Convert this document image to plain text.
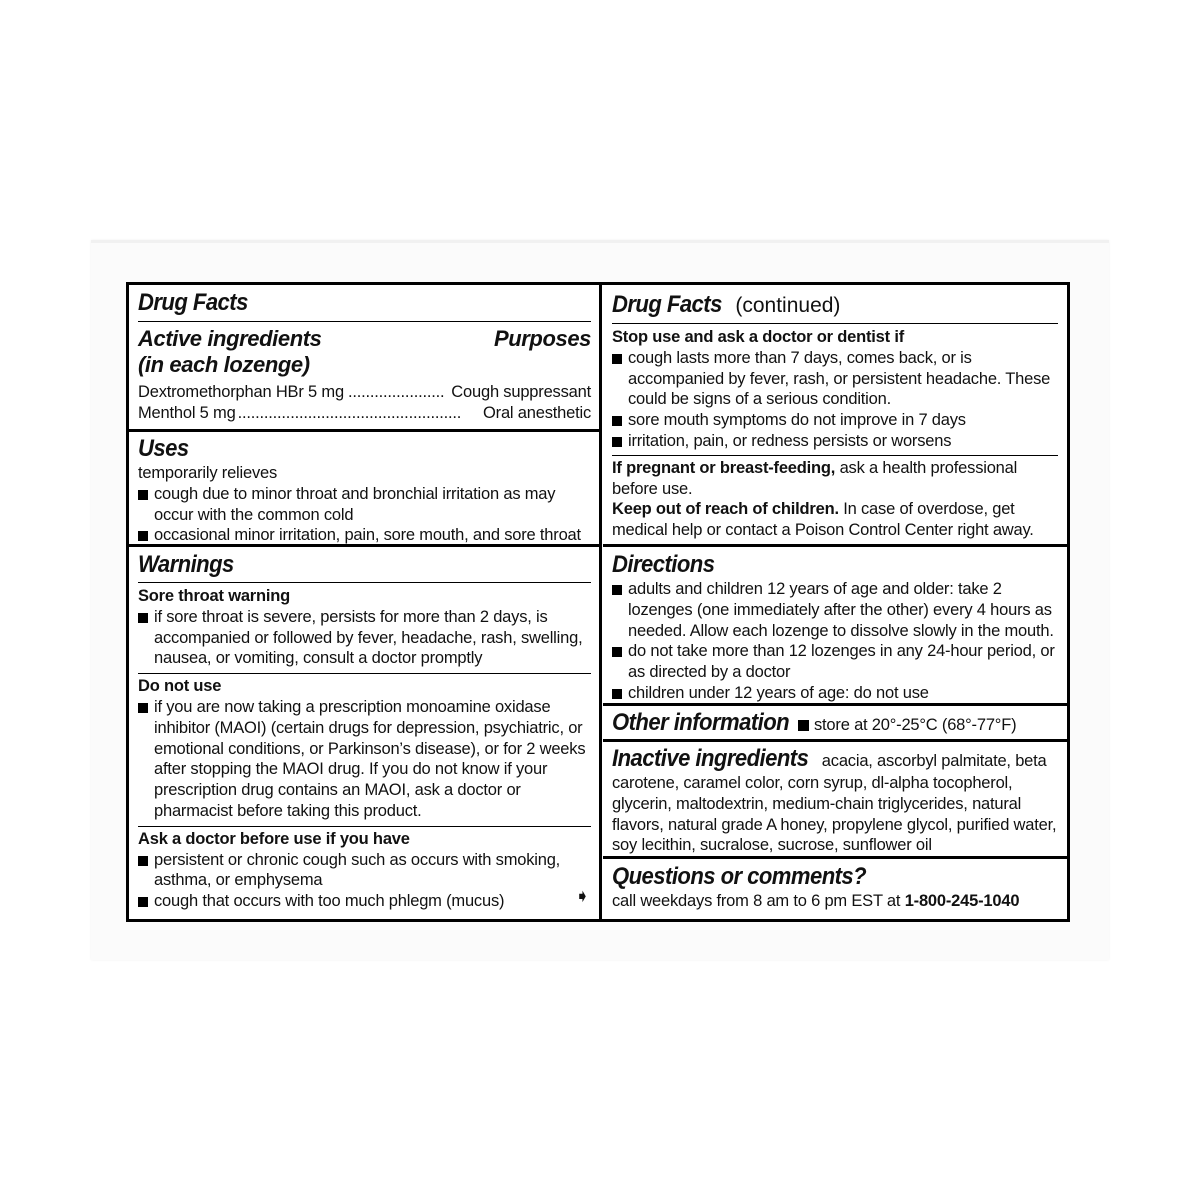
Drug Facts
Active ingredients	Purposes
(in each lozenge)
Dextromethorphan HBr 5 mg ...................... Cough suppressant
Menthol 5 mg ...................................................	Oral anesthetic
Uses
temporarily relieves
cough due to minor throat and bronchial irritation as may occur with the common cold
occasional minor irritation, pain, sore mouth, and sore throat
Warnings
Sore throat warning
if sore throat is severe, persists for more than 2 days, is accompanied or followed by fever, headache, rash, swelling, nausea, or vomiting, consult a doctor promptly
Do not use
if you are now taking a prescription monoamine oxidase inhibitor (MAOI) (certain drugs for depression, psychiatric, or emotional conditions, or Parkinson’s disease), or for 2 weeks after stopping the MAOI drug. If you do not know if your prescription drug contains an MAOI, ask a doctor or pharmacist before taking this product.
Ask a doctor before use if you have
persistent or chronic cough such as occurs with smoking, asthma, or emphysema
cough that occurs with too much phlegm (mucus)	➧
Drug Facts (continued)
Stop use and ask a doctor or dentist if
cough lasts more than 7 days, comes back, or is accompanied by fever, rash, or persistent headache. These could be signs of a serious condition.
sore mouth symptoms do not improve in 7 days
irritation, pain, or redness persists or worsens
If pregnant or breast-feeding, ask a health professional before use.
Keep out of reach of children. In case of overdose, get medical help or contact a Poison Control Center right away.
Directions
adults and children 12 years of age and older: take 2 lozenges (one immediately after the other) every 4 hours as needed. Allow each lozenge to dissolve slowly in the mouth.
do not take more than 12 lozenges in any 24-hour period, or as directed by a doctor
children under 12 years of age: do not use
Other information store at 20°-25°C (68°-77°F)
Inactive ingredients acacia, ascorbyl palmitate, beta carotene, caramel color, corn syrup, dl-alpha tocopherol, glycerin, maltodextrin, medium-chain triglycerides, natural flavors, natural grade A honey, propylene glycol, purified water, soy lecithin, sucralose, sucrose, sunflower oil
Questions or comments?
call weekdays from 8 am to 6 pm EST at 1-800-245-1040
